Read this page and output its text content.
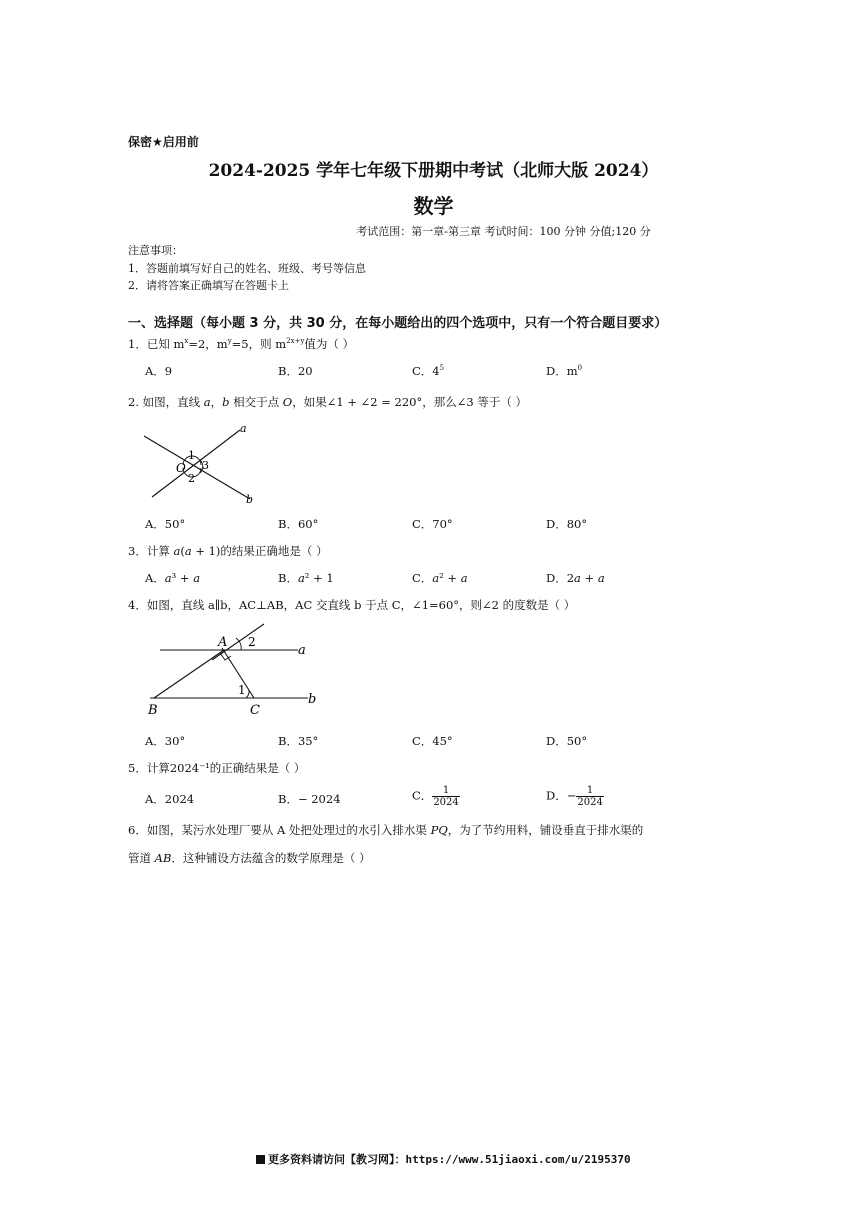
保密★启用前
2024-2025 学年七年级下册期中考试（北师大版 2024）
数学
考试范围：第一章-第三章 考试时间：100 分钟 分值;120 分
注意事项：
1．答题前填写好自己的姓名、班级、考号等信息
2．请将答案正确填写在答题卡上
一、选择题（每小题 3 分，共 30 分，在每小题给出的四个选项中，只有一个符合题目要求）
1．已知 $m^x=2$，$m^y=5$，则 $m^{2x+y}$值为（ ）
A．9	B．20	C．$4^5$	D．$m^0$
2. 如图，直线 𝑎，𝑏 相交于点 𝑂，如果∠1 + ∠2 = 220°，那么∠3 等于（ ）
a
b
O
1
2
3
A．50°	B．60°	C．70°	D．80°
3．计算 𝑎(𝑎 + 1)的结果正确地是（ ）
A．𝑎³ + 𝑎	B．𝑎² + 1	C．𝑎² + 𝑎	D．2𝑎 + 𝑎
4．如图，直线 a∥b，AC⊥AB，AC 交直线 b 于点 C，∠1=60°，则∠2 的度数是（ ）
A
B	C
a
b
1
2
A．30°	B．35°	C．45°	D．50°
5．计算2024⁻¹的正确结果是（ ）
A．2024	B．− 2024	C． $\frac{1}{2024}$	D．− $\frac{1}{2024}$
6．如图，某污水处理厂要从 A 处把处理过的水引入排水渠 𝑃𝑄，为了节约用料，铺设垂直于排水渠的
管道 𝐴𝐵．这种铺设方法蕴含的数学原理是（ ）
更多资料请访问【教习网】：https://www.51jiaoxi.com/u/2195370
